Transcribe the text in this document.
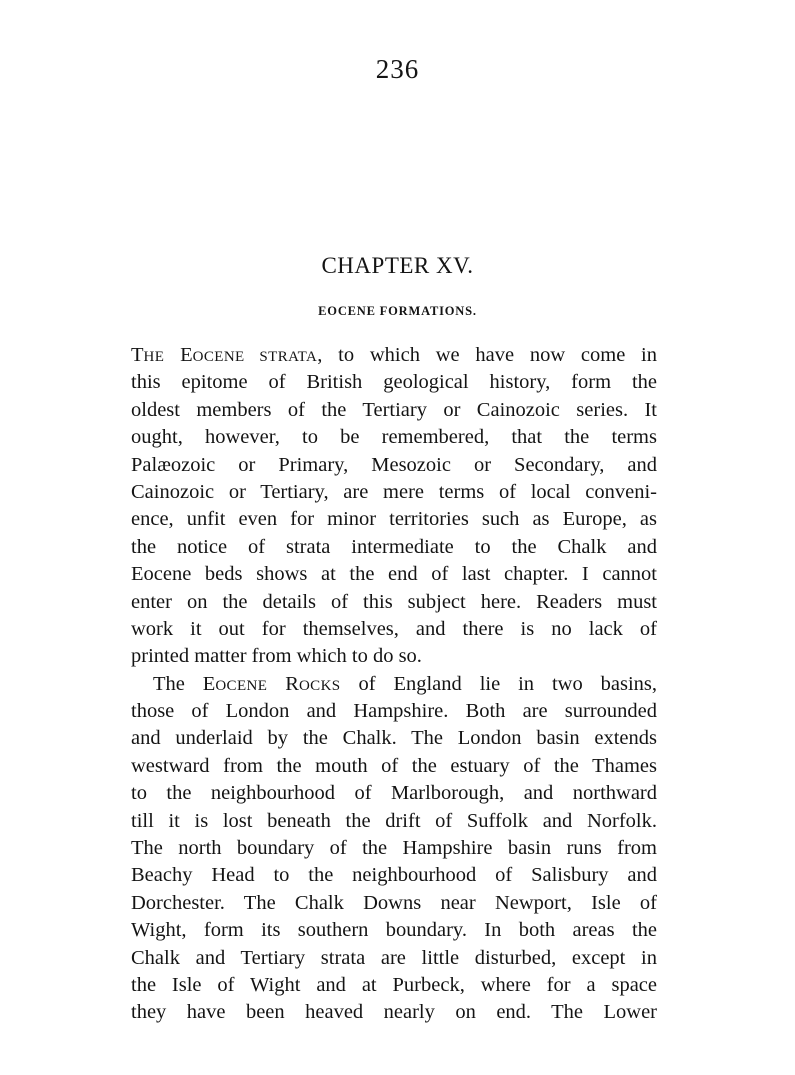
236
CHAPTER XV.
EOCENE FORMATIONS.
THE EOCENE STRATA, to which we have now come in
this epitome of British geological history, form the
oldest members of the Tertiary or Cainozoic series. It
ought, however, to be remembered, that the terms
Palæozoic or Primary, Mesozoic or Secondary, and
Cainozoic or Tertiary, are mere terms of local conveni-
ence, unfit even for minor territories such as Europe, as
the notice of strata intermediate to the Chalk and
Eocene beds shows at the end of last chapter. I cannot
enter on the details of this subject here. Readers must
work it out for themselves, and there is no lack of
printed matter from which to do so.
The EOCENE ROCKS of England lie in two basins,
those of London and Hampshire. Both are surrounded
and underlaid by the Chalk. The London basin extends
westward from the mouth of the estuary of the Thames
to the neighbourhood of Marlborough, and northward
till it is lost beneath the drift of Suffolk and Norfolk.
The north boundary of the Hampshire basin runs from
Beachy Head to the neighbourhood of Salisbury and
Dorchester. The Chalk Downs near Newport, Isle of
Wight, form its southern boundary. In both areas the
Chalk and Tertiary strata are little disturbed, except in
the Isle of Wight and at Purbeck, where for a space
they have been heaved nearly on end. The Lower
